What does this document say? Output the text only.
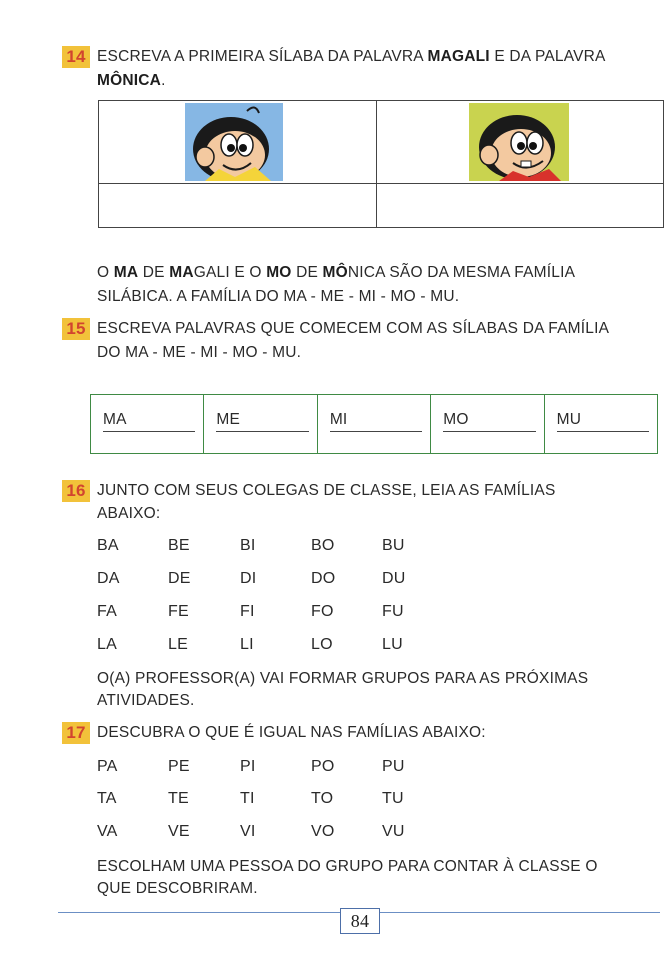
14 ESCREVA A PRIMEIRA SÍLABA DA PALAVRA MAGALI E DA PALAVRA
MÔNICA.
O MA DE MAGALI E O MO DE MÔNICA SÃO DA MESMA FAMÍLIA
SILÁBICA. A FAMÍLIA DO MA - ME - MI - MO - MU.
15 ESCREVA PALAVRAS QUE COMECEM COM AS SÍLABAS DA FAMÍLIA
DO MA - ME - MI - MO - MU.
MA	ME	MI	MO	MU
16 JUNTO COM SEUS COLEGAS DE CLASSE, LEIA AS FAMÍLIAS
ABAIXO:
BA	BE	BI	BO	BU
DA	DE	DI	DO	DU
FA	FE	FI	FO	FU
LA	LE	LI	LO	LU
O(A) PROFESSOR(A) VAI FORMAR GRUPOS PARA AS PRÓXIMAS
ATIVIDADES.
17 DESCUBRA O QUE É IGUAL NAS FAMÍLIAS ABAIXO:
PA	PE	PI	PO	PU
TA	TE	TI	TO	TU
VA	VE	VI	VO	VU
ESCOLHAM UMA PESSOA DO GRUPO PARA CONTAR À CLASSE O
QUE DESCOBRIRAM.
84
